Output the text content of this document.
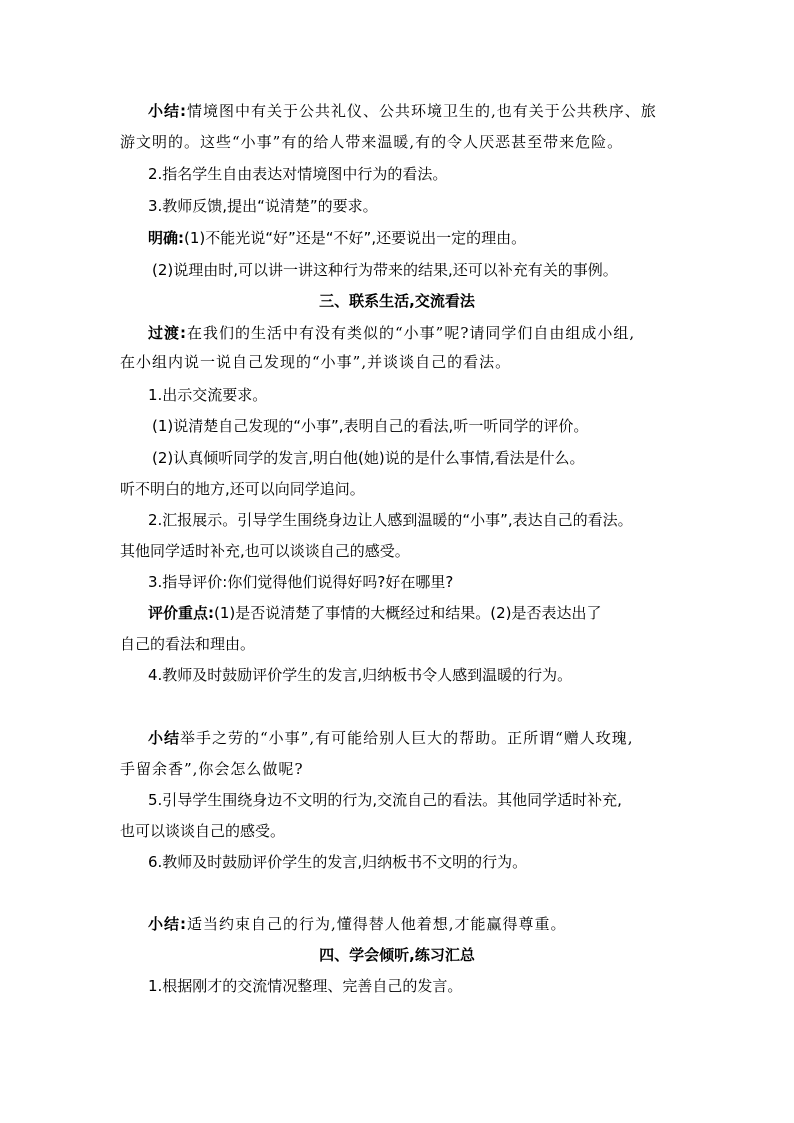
小结:情境图中有关于公共礼仪、公共环境卫生的,也有关于公共秩序、旅

游文明的。这些“小事”有的给人带来温暖,有的令人厌恶甚至带来危险。

2.指名学生自由表达对情境图中行为的看法。

3.教师反馈,提出“说清楚”的要求。

明确:(1)不能光说“好”还是“不好”,还要说出一定的理由。

(2)说理由时,可以讲一讲这种行为带来的结果,还可以补充有关的事例。

三、联系生活,交流看法

过渡:在我们的生活中有没有类似的“小事”呢?请同学们自由组成小组,

在小组内说一说自己发现的“小事”,并谈谈自己的看法。

1.出示交流要求。

(1)说清楚自己发现的“小事”,表明自己的看法,听一听同学的评价。

(2)认真倾听同学的发言,明白他(她)说的是什么事情,看法是什么。

听不明白的地方,还可以向同学追问。

2.汇报展示。引导学生围绕身边让人感到温暖的“小事”,表达自己的看法。

其他同学适时补充,也可以谈谈自己的感受。

3.指导评价:你们觉得他们说得好吗?好在哪里?

评价重点:(1)是否说清楚了事情的大概经过和结果。(2)是否表达出了

自己的看法和理由。

4.教师及时鼓励评价学生的发言,归纳板书令人感到温暖的行为。

小结举手之劳的“小事”,有可能给别人巨大的帮助。正所谓“赠人玫瑰,

手留余香”,你会怎么做呢?

5.引导学生围绕身边不文明的行为,交流自己的看法。其他同学适时补充,

也可以谈谈自己的感受。

6.教师及时鼓励评价学生的发言,归纳板书不文明的行为。

小结:适当约束自己的行为,懂得替人他着想,才能赢得尊重。

四、学会倾听,练习汇总

1.根据刚才的交流情况整理、完善自己的发言。
